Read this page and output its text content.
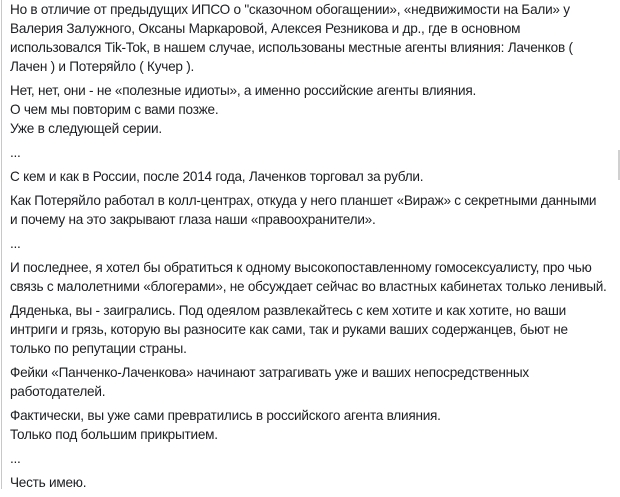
Но в отличие от предыдущих ИПСО о "сказочном обогащении», «недвижимости на Бали» у
Валерия Залужного, Оксаны Маркаровой, Алексея Резникова и др., где в основном
использовался Tik-Tok, в нашем случае, использованы местные агенты влияния: Лаченков (
Лачен ) и Потеряйло ( Кучер ).
Нет, нет, они - не «полезные идиоты», а именно российские агенты влияния.
О чем мы повторим с вами позже.
Уже в следующей серии.
...
С кем и как в России, после 2014 года, Лаченков торговал за рубли.
Как Потеряйло работал в колл-центрах, откуда у него планшет «Вираж» с секретными данными
и почему на это закрывают глаза наши «правоохранители».
...
И последнее, я хотел бы обратиться к одному высокопоставленному гомосексуалисту, про чью
связь с малолетними «блогерами», не обсуждает сейчас во властных кабинетах только ленивый.
Дяденька, вы - заигрались. Под одеялом развлекайтесь с кем хотите и как хотите, но ваши
интриги и грязь, которую вы разносите как сами, так и руками ваших содержанцев, бьют не
только по репутации страны.
Фейки «Панченко-Лаченкова» начинают затрагивать уже и ваших непосредственных
работодателей.
Фактически, вы уже сами превратились в российского агента влияния.
Только под большим прикрытием.
...
Честь имею.
